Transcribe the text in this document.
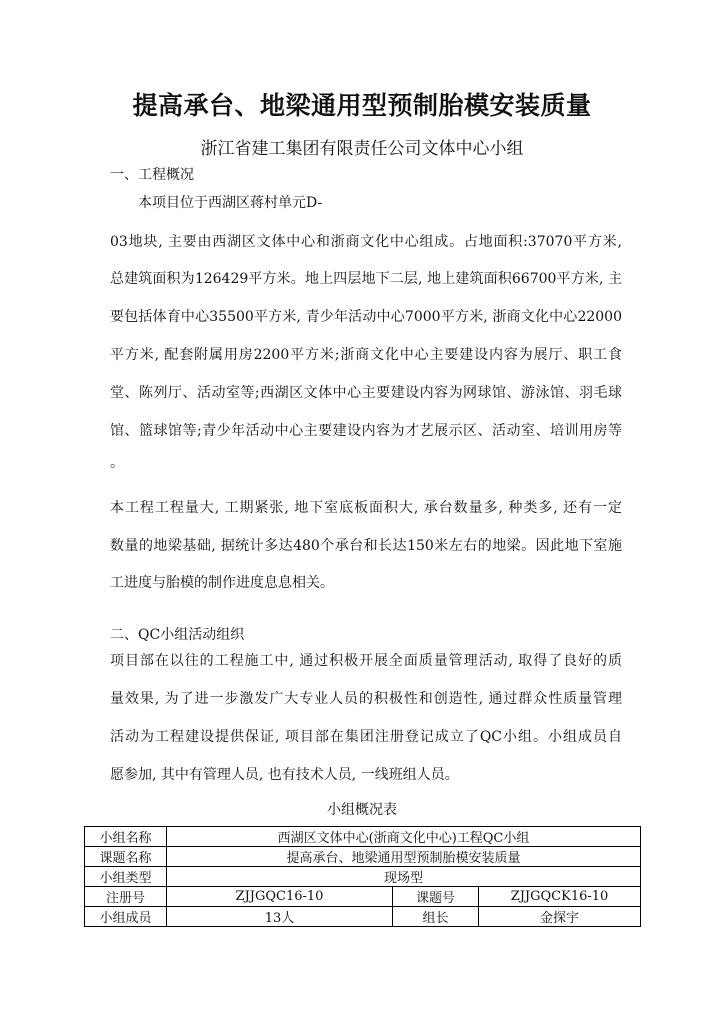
提高承台、地梁通用型预制胎模安装质量
浙江省建工集团有限责任公司文体中心小组
一、工程概况
本项目位于西湖区蒋村单元D-
03地块, 主要由西湖区文体中心和浙商文化中心组成。占地面积:37070平方米,
总建筑面积为126429平方米。地上四层地下二层, 地上建筑面积66700平方米, 主
要包括体育中心35500平方米, 青少年活动中心7000平方米, 浙商文化中心22000
平方米, 配套附属用房2200平方米;浙商文化中心主要建设内容为展厅、职工食
堂、陈列厅、活动室等;西湖区文体中心主要建设内容为网球馆、游泳馆、羽毛球
馆、篮球馆等;青少年活动中心主要建设内容为才艺展示区、活动室、培训用房等
。
本工程工程量大, 工期紧张, 地下室底板面积大, 承台数量多, 种类多, 还有一定
数量的地梁基础, 据统计多达480个承台和长达150米左右的地梁。因此地下室施
工进度与胎模的制作进度息息相关。
二、QC小组活动组织
项目部在以往的工程施工中, 通过积极开展全面质量管理活动, 取得了良好的质
量效果, 为了进一步激发广大专业人员的积极性和创造性, 通过群众性质量管理
活动为工程建设提供保证, 项目部在集团注册登记成立了QC小组。小组成员自
愿参加, 其中有管理人员, 也有技术人员, 一线班组人员。
小组概况表
小组名称	西湖区文体中心(浙商文化中心)工程QC小组		
课题名称	提高承台、地梁通用型预制胎模安装质量		
小组类型	现场型		
注册号	ZJJGQC16-10	课题号	ZJJGQCK16-10
小组成员	13人	组长	金探宇
